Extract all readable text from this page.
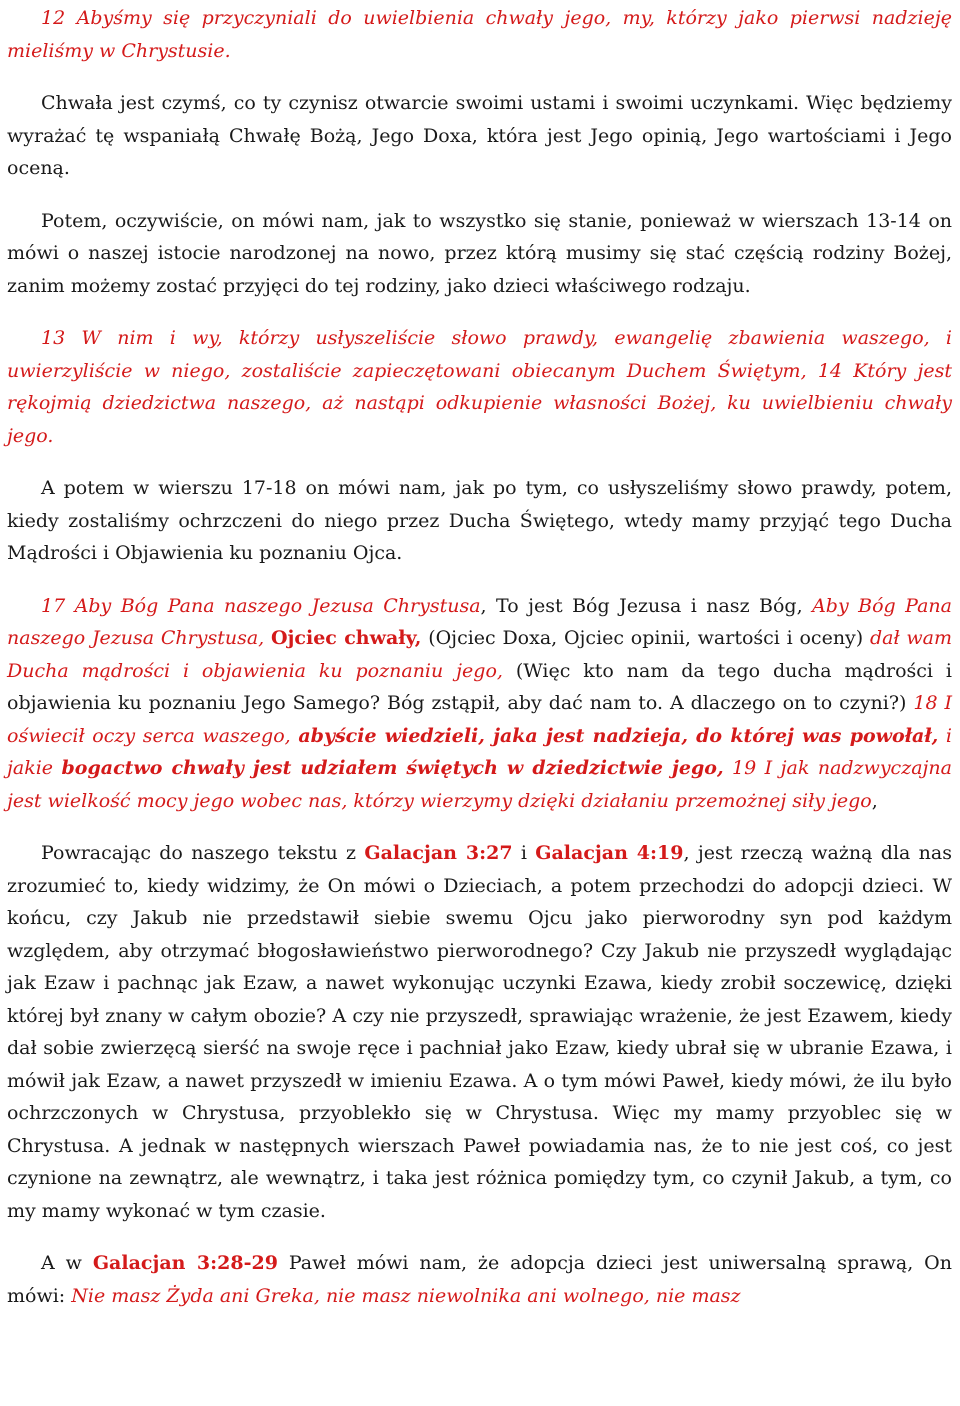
12 Abyśmy się przyczyniali do uwielbienia chwały jego, my, którzy jako pierwsi nadzieję mieliśmy w Chrystusie.

Chwała jest czymś, co ty czynisz otwarcie swoimi ustami i swoimi uczynkami. Więc będziemy wyrażać tę wspaniałą Chwałę Bożą, Jego Doxa, która jest Jego opinią, Jego wartościami i Jego oceną.

Potem, oczywiście, on mówi nam, jak to wszystko się stanie, ponieważ w wierszach 13-14 on mówi o naszej istocie narodzonej na nowo, przez którą musimy się stać częścią rodziny Bożej, zanim możemy zostać przyjęci do tej rodziny, jako dzieci właściwego rodzaju.

13 W nim i wy, którzy usłyszeliście słowo prawdy, ewangelię zbawienia waszego, i uwierzyliście w niego, zostaliście zapieczętowani obiecanym Duchem Świętym, 14 Który jest rękojmią dziedzictwa naszego, aż nastąpi odkupienie własności Bożej, ku uwielbieniu chwały jego.

A potem w wierszu 17-18 on mówi nam, jak po tym, co usłyszeliśmy słowo prawdy, potem, kiedy zostaliśmy ochrzczeni do niego przez Ducha Świętego, wtedy mamy przyjąć tego Ducha Mądrości i Objawienia ku poznaniu Ojca.

17 Aby Bóg Pana naszego Jezusa Chrystusa, To jest Bóg Jezusa i nasz Bóg, Aby Bóg Pana naszego Jezusa Chrystusa, Ojciec chwały, (Ojciec Doxa, Ojciec opinii, wartości i oceny) dał wam Ducha mądrości i objawienia ku poznaniu jego, (Więc kto nam da tego ducha mądrości i objawienia ku poznaniu Jego Samego? Bóg zstąpił, aby dać nam to. A dlaczego on to czyni?) 18 I oświecił oczy serca waszego, abyście wiedzieli, jaka jest nadzieja, do której was powołał, i jakie bogactwo chwały jest udziałem świętych w dziedzictwie jego, 19 I jak nadzwyczajna jest wielkość mocy jego wobec nas, którzy wierzymy dzięki działaniu przemożnej siły jego,

Powracając do naszego tekstu z Galacjan 3:27 i Galacjan 4:19, jest rzeczą ważną dla nas zrozumieć to, kiedy widzimy, że On mówi o Dzieciach, a potem przechodzi do adopcji dzieci. W końcu, czy Jakub nie przedstawił siebie swemu Ojcu jako pierworodny syn pod każdym względem, aby otrzymać błogosławieństwo pierworodnego? Czy Jakub nie przyszedł wyglądając jak Ezaw i pachnąc jak Ezaw, a nawet wykonując uczynki Ezawa, kiedy zrobił soczewicę, dzięki której był znany w całym obozie? A czy nie przyszedł, sprawiając wrażenie, że jest Ezawem, kiedy dał sobie zwierzęcą sierść na swoje ręce i pachniał jako Ezaw, kiedy ubrał się w ubranie Ezawa, i mówił jak Ezaw, a nawet przyszedł w imieniu Ezawa. A o tym mówi Paweł, kiedy mówi, że ilu było ochrzczonych w Chrystusa, przyoblekło się w Chrystusa. Więc my mamy przyoblec się w Chrystusa. A jednak w następnych wierszach Paweł powiadamia nas, że to nie jest coś, co jest czynione na zewnątrz, ale wewnątrz, i taka jest różnica pomiędzy tym, co czynił Jakub, a tym, co my mamy wykonać w tym czasie.

A w Galacjan 3:28-29 Paweł mówi nam, że adopcja dzieci jest uniwersalną sprawą, On mówi: Nie masz Żyda ani Greka, nie masz niewolnika ani wolnego, nie masz
